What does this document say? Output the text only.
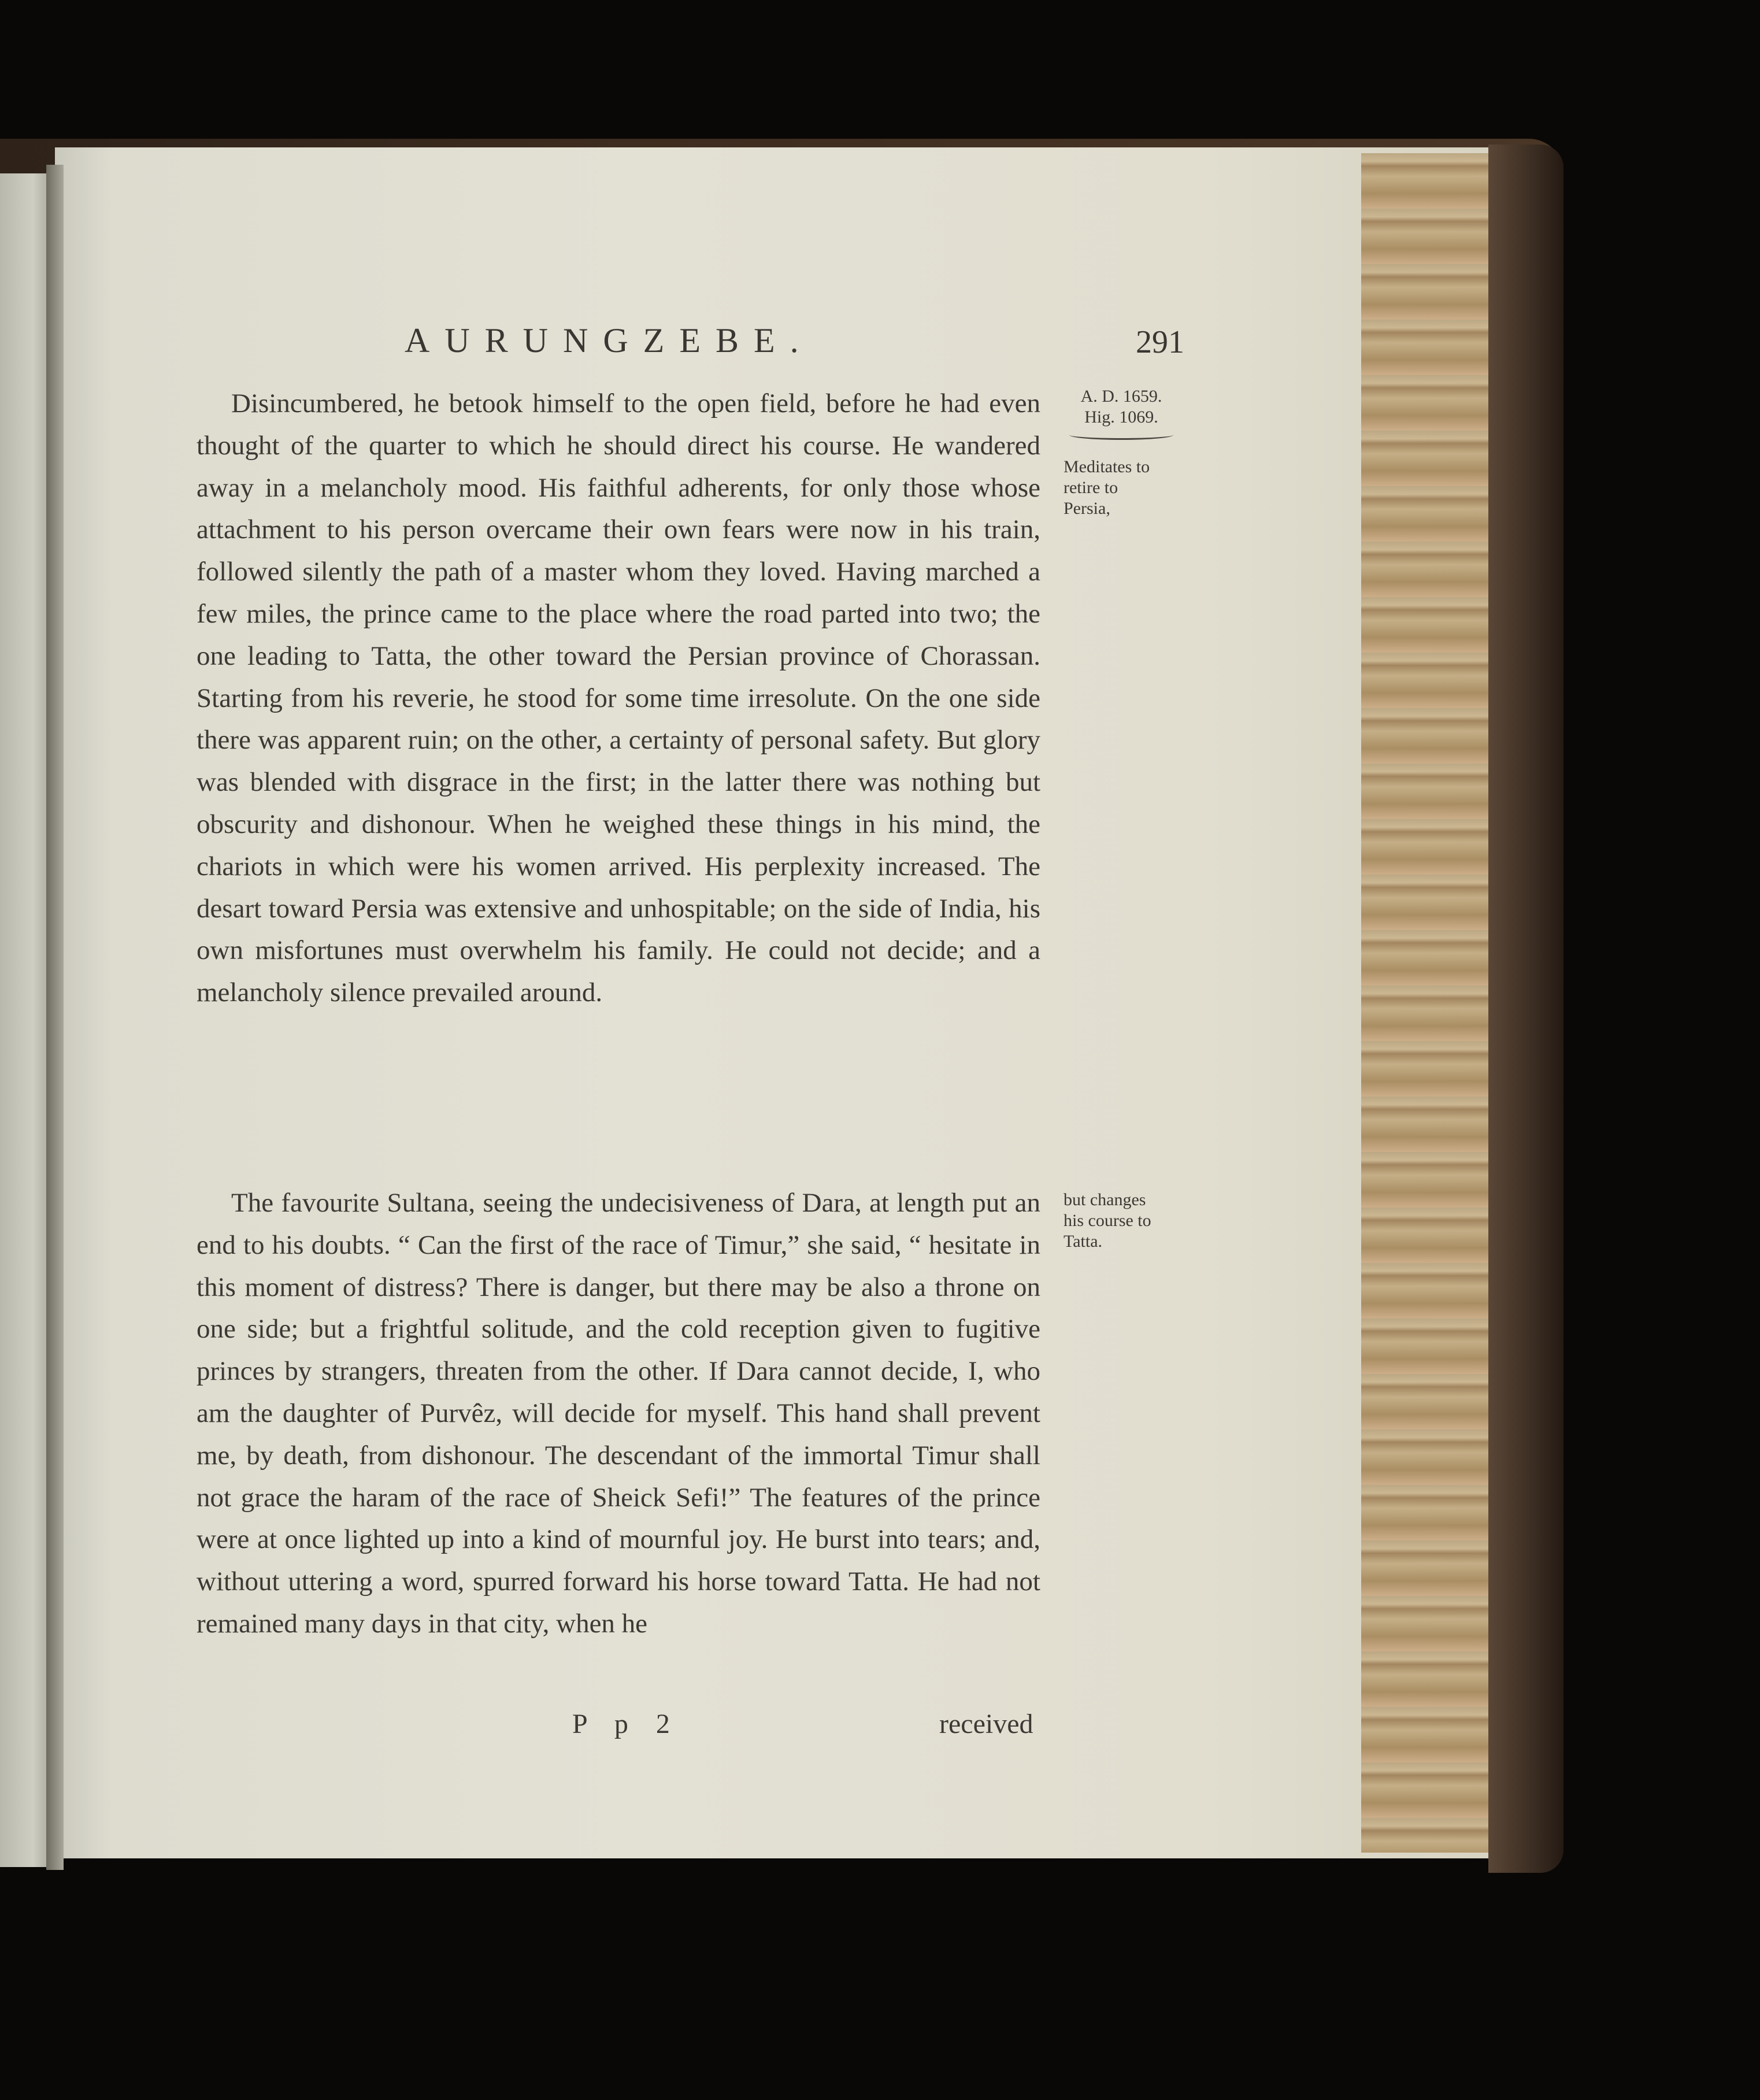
AURUNGZEBE.	291

Disincumbered, he betook himself to the open field, before he had even thought of the quarter to which he should direct his course. He wandered away in a melancholy mood. His faithful adherents, for only those whose attachment to his person overcame their own fears were now in his train, followed silently the path of a master whom they loved. Having marched a few miles, the prince came to the place where the road parted into two; the one leading to Tatta, the other toward the Persian province of Chorassan. Starting from his reverie, he stood for some time irresolute. On the one side there was apparent ruin; on the other, a certainty of personal safety. But glory was blended with disgrace in the first; in the latter there was nothing but obscurity and dishonour. When he weighed these things in his mind, the chariots in which were his women arrived. His perplexity increased. The desart toward Persia was extensive and unhospitable; on the side of India, his own misfortunes must overwhelm his family. He could not decide; and a melancholy silence prevailed around.

The favourite Sultana, seeing the undecisiveness of Dara, at length put an end to his doubts. “ Can the first of the race of Timur,” she said, “ hesitate in this moment of distress? There is danger, but there may be also a throne on one side; but a frightful solitude, and the cold reception given to fugitive princes by strangers, threaten from the other. If Dara cannot decide, I, who am the daughter of Purvêz, will decide for myself. This hand shall prevent me, by death, from dishonour. The descendant of the immortal Timur shall not grace the haram of the race of Sheick Sefi!” The features of the prince were at once lighted up into a kind of mournful joy. He burst into tears; and, without uttering a word, spurred forward his horse toward Tatta. He had not remained many days in that city, when he

A. D. 1659.
Hig. 1069.
Meditates to
retire to
Persia,
but changes
his course to
Tatta.
P p 2	received
